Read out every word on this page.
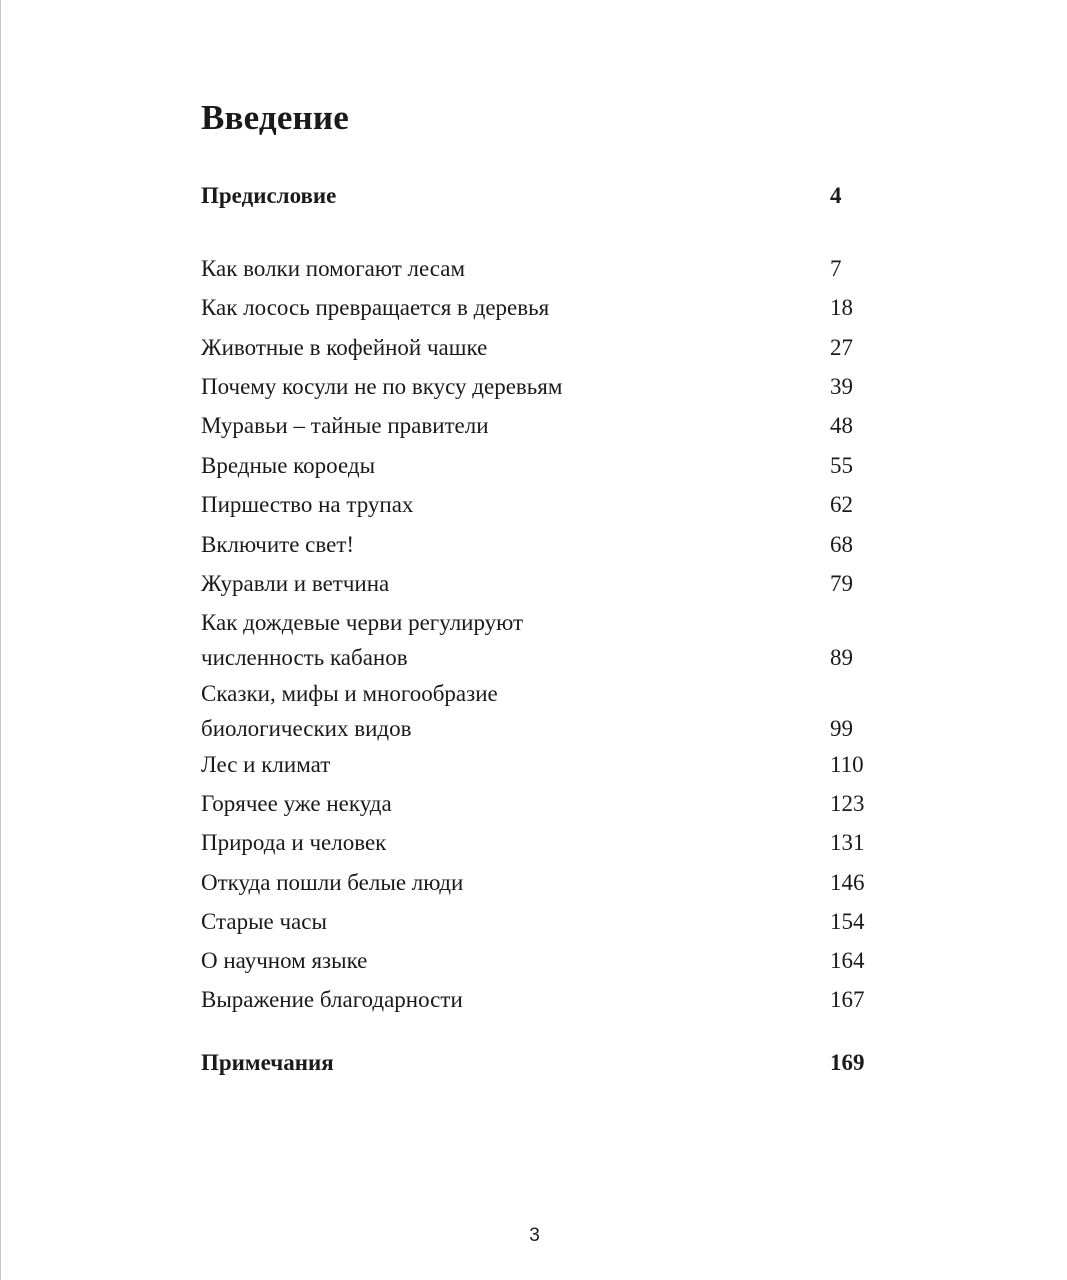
Введение
Предисловие	4
Как волки помогают лесам	7
Как лосось превращается в деревья	18
Животные в кофейной чашке	27
Почему косули не по вкусу деревьям	39
Муравьи – тайные правители	48
Вредные короеды	55
Пиршество на трупах	62
Включите свет!	68
Журавли и ветчина	79
Как дождевые черви регулируют
численность кабанов	89
Сказки, мифы и многообразие
биологических видов	99
Лес и климат	110
Горячее уже некуда	123
Природа и человек	131
Откуда пошли белые люди	146
Старые часы	154
О научном языке	164
Выражение благодарности	167
Примечания	169
3
